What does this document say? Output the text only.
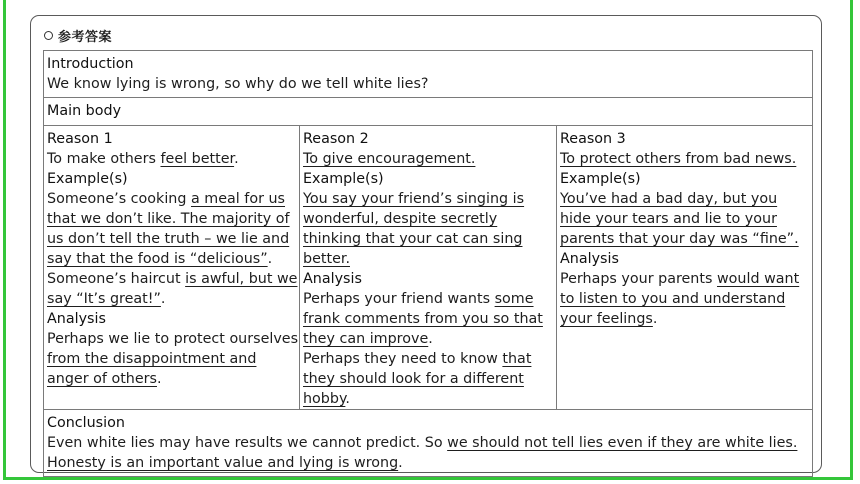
参考答案
Introduction
We know lying is wrong, so why do we tell white lies?
Main body
Reason 1
To make others feel better.
Example(s)
Someone’s cooking a meal for us that we don’t like. The majority of us don’t tell the truth – we lie and say that the food is “delicious”.
Someone’s haircut is awful, but we say “It’s great!”.
Analysis
Perhaps we lie to protect ourselves from the disappointment and anger of others.
Reason 2
To give encouragement.
Example(s)
You say your friend’s singing is wonderful, despite secretly thinking that your cat can sing better.
Analysis
Perhaps your friend wants some frank comments from you so that they can improve.
Perhaps they need to know that they should look for a different hobby.
Reason 3
To protect others from bad news.
Example(s)
You’ve had a bad day, but you hide your tears and lie to your parents that your day was “fine”.
Analysis
Perhaps your parents would want to listen to you and understand your feelings.
Conclusion
Even white lies may have results we cannot predict. So we should not tell lies even if they are white lies. Honesty is an important value and lying is wrong.
